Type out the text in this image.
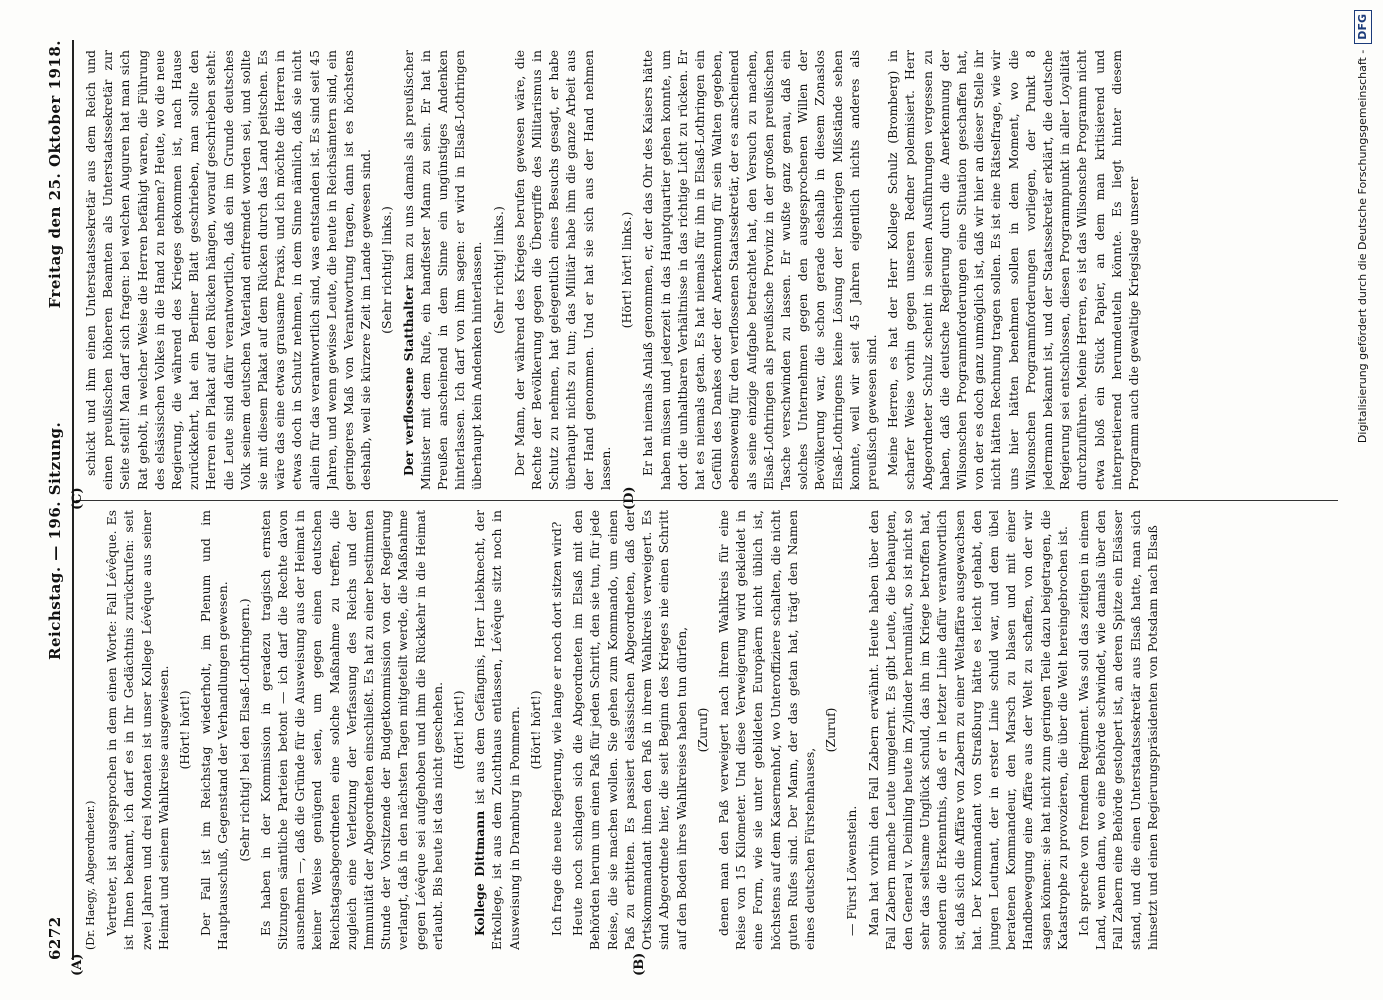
6272
Reichstag. — 196. Sitzung.
Freitag den 25. Oktober 1918.

(Dr. Haegy, Abgeordneter.) Vertreter, ist ausgesprochen in dem einen Worte: Fall Lévêque. Es ist Ihnen bekannt, ich darf es in Ihr Gedächtnis zurückrufen: seit zwei Jahren und drei Monaten ist unser Kollege Lévêque aus seiner Heimat und seinem Wahlkreise ausgewiesen. (Hört! hört!) Der Fall ist im Reichstag wiederholt, im Plenum und im Hauptausschuß, Gegenstand der Verhandlungen gewesen. (Sehr richtig! bei den Elsaß-Lothringern.) Es haben in der Kommission in geradezu tragisch ernsten Sitzungen sämtliche Parteien betont — ich darf die Rechte davon ausnehmen —, daß die Gründe für die Ausweisung aus der Heimat in keiner Weise genügend seien, um gegen einen deutschen Reichstagsabgeordneten eine solche Maßnahme zu treffen, die zugleich eine Verletzung der Verfassung des Reichs und der Immunität der Abgeordneten einschließt. Es hat zu einer bestimmten Stunde der Vorsitzende der Budgetkommission von der Regierung verlangt, daß in den nächsten Tagen mitgeteilt werde, die Maßnahme gegen Lévêque sei aufgehoben und ihm die Rückkehr in die Heimat erlaubt. Bis heute ist das nicht geschehen. (Hört! hört!)

Kollege Dittmann ist aus dem Gefängnis, Herr Liebknecht, der Erkollege, ist aus dem Zuchthaus entlassen, Lévêque sitzt noch in Ausweisung in Dramburg in Pommern. (Hört! hört!) Ich frage die neue Regierung, wie lange er noch dort sitzen wird? Heute noch schlagen sich die Abgeordneten im Elsaß mit den Behörden herum um einen Paß für jeden Schritt, den sie tun, für jede Reise, die sie machen wollen. Sie gehen zum Kommando, um einen Paß zu erbitten. Es passiert elsässischen Abgeordneten, daß der Ortskommandant ihnen den Paß in ihrem Wahlkreis verweigert. Es sind Abgeordnete hier, die seit Beginn des Krieges nie einen Schritt auf den Boden ihres Wahlkreises haben tun dürfen, (Zuruf) denen man den Paß verweigert nach ihrem Wahlkreis für eine Reise von 15 Kilometer. Und diese Verweigerung wird gekleidet in eine Form, wie sie unter gebildeten Europäern nicht üblich ist, höchstens auf dem Kasernenhof, wo Unteroffiziere schalten, die nicht guten Rufes sind. Der Mann, der das getan hat, trägt den Namen eines deutschen Fürstenhauses,

(Zuruf)

— Fürst Löwenstein. Man hat vorhin den Fall Zabern erwähnt. Heute haben über den Fall Zabern manche Leute umgelernt. Es gibt Leute, die behaupten, den General v. Deimling heute im Zylinder herumläuft, so ist nicht so sehr das seltsame Unglück schuld, das ihn im Kriege betroffen hat, sondern die Erkenntnis, daß er in letzter Linie dafür verantwortlich ist, daß sich die Affäre von Zabern zu einer Weltaffäre ausgewachsen hat. Der Kommandant von Straßburg hätte es leicht gehabt, den jungen Leutnant, der in erster Linie schuld war, und dem übel beratenen Kommandeur, den Marsch zu blasen und mit einer Handbewegung eine Affäre aus der Welt zu schaffen, von der wir sagen können: sie hat nicht zum geringen Teile dazu beigetragen, die Katastrophe zu provozieren, die über die Welt hereingebrochen ist. Ich spreche von fremdem Regiment. Was soll das zeitigen in einem Land, wenn dann, wo eine Behörde schwindet, wie damals über den Fall Zabern eine Behörde gestolpert ist, an deren Spitze ein Elsässer stand, und die einen Unterstaatssekretär aus Elsaß hatte, man sich hinsetzt und einen Regierungspräsidenten von Potsdam nach Elsaß

schickt und ihm einen Unterstaatssekretär aus dem Reich und einen preußischen höheren Beamten als Unterstaatssekretär zur Seite stellt! Man darf sich fragen: bei welchen Auguren hat man sich Rat geholt, in welcher Weise die Herren befähigt waren, die Führung des elsässischen Volkes in die Hand zu nehmen? Heute, wo die neue Regierung, die während des Krieges gekommen ist, nach Hause zurückkehrt, hat ein Berliner Blatt geschrieben, man sollte den Herren ein Plakat auf den Rücken hängen, worauf geschrieben steht: die Leute sind dafür verantwortlich, daß ein im Grunde deutsches Volk seinem deutschen Vaterland entfremdet worden sei, und sollte sie mit diesem Plakat auf dem Rücken durch das Land peitschen. Es wäre das eine etwas grausame Praxis, und ich möchte die Herren in etwas doch in Schutz nehmen, in dem Sinne nämlich, daß sie nicht allein für das verantwortlich sind, was entstanden ist. Es sind seit 45 Jahren, und wenn gewisse Leute, die heute in Reichsämtern sind, ein geringeres Maß von Verantwortung tragen, dann ist es höchstens deshalb, weil sie kürzere Zeit im Lande gewesen sind. (Sehr richtig! links.)

Der verflossene Statthalter kam zu uns damals als preußischer Minister mit dem Rufe, ein handfester Mann zu sein. Er hat in Preußen anscheinend in dem Sinne ein ungünstiges Andenken hinterlassen. Ich darf von ihm sagen: er wird in Elsaß-Lothringen überhaupt kein Andenken hinterlassen. (Sehr richtig! links.) Der Mann, der während des Krieges berufen gewesen wäre, die Rechte der Bevölkerung gegen die Übergriffe des Militarismus in Schutz zu nehmen, hat gelegentlich eines Besuchs gesagt, er habe überhaupt nichts zu tun; das Militär habe ihm die ganze Arbeit aus der Hand genommen. Und er hat sie sich aus der Hand nehmen lassen.

(Hört! hört! links.) Er hat niemals Anlaß genommen, er, der das Ohr des Kaisers hätte haben müssen und jederzeit in das Hauptquartier gehen konnte, um dort die unhaltbaren Verhältnisse in das richtige Licht zu rücken. Er hat es niemals getan. Es hat niemals für ihn in Elsaß-Lothringen ein Gefühl des Dankes oder der Anerkennung für sein Walten gegeben, ebensowenig für den verflossenen Staatssekretär, der es anscheinend als seine einzige Aufgabe betrachtet hat, den Versuch zu machen, Elsaß-Lothringen als preußische Provinz in der großen preußischen Tasche verschwinden zu lassen. Er wußte ganz genau, daß ein solches Unternehmen gegen den ausgesprochenen Willen der Bevölkerung war, die schon gerade deshalb in diesem Zonaslos Elsaß-Lothringens keine Lösung der bisherigen Mißstände sehen konnte, weil wir seit 45 Jahren eigentlich nichts anderes als preußisch gewesen sind. Meine Herren, es hat der Herr Kollege Schulz (Bromberg) in scharfer Weise vorhin gegen unseren Redner polemisiert. Herr Abgeordneter Schulz scheint in seinen Ausführungen vergessen zu haben, daß die deutsche Regierung durch die Anerkennung der Wilsonschen Programmforderungen eine Situation geschaffen hat, von der es doch ganz unmöglich ist, daß wir hier an dieser Stelle ihr nicht hätten Rechnung tragen sollen. Es ist eine Rätselfrage, wie wir uns hier hätten benehmen sollen in dem Moment, wo die Wilsonschen Programmforderungen vorliegen, der Punkt 8 jedermann bekannt ist, und der Staatssekretär erklärt, die deutsche Regierung sei entschlossen, diesen Programmpunkt in aller Loyalität durchzuführen. Meine Herren, es ist das Wilsonsche Programm nicht etwa bloß ein Stück Papier, an dem man kritisierend und interpretierend herumdeuteln könnte. Es liegt hinter diesem Programm auch die gewaltige Kriegslage unserer

(A)	(B)
(C)	(D)
Digitalisierung gefördert durch die Deutsche Forschungsgemeinschaft -DFG
